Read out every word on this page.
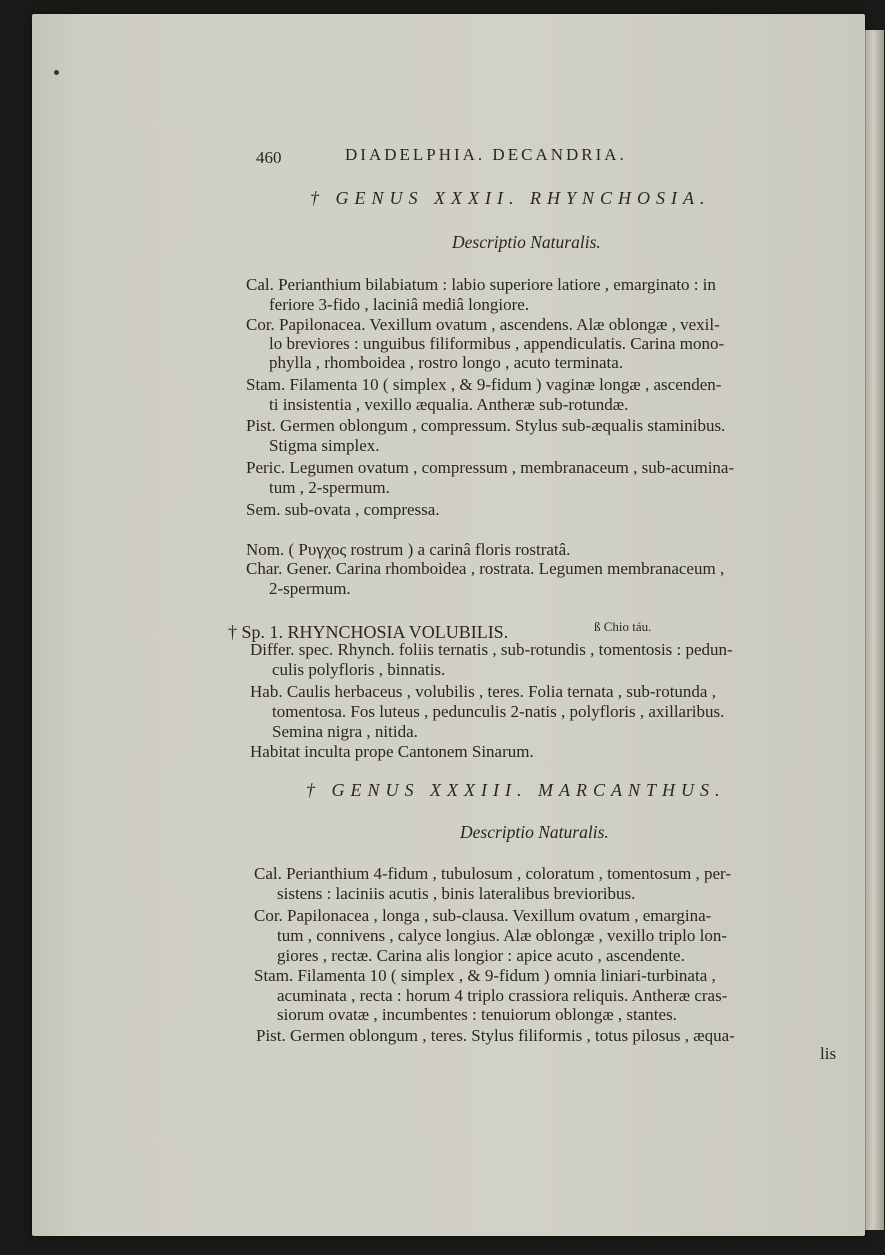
460	DIADELPHIA. DECANDRIA.
† GENUS XXXII. RHYNCHOSIA.
Descriptio Naturalis.
Cal. Perianthium bilabiatum : labio superiore latiore , emarginato : in
feriore 3-fido , laciniâ mediâ longiore.
Cor. Papilonacea. Vexillum ovatum , ascendens. Alæ oblongæ , vexil-
lo breviores : unguibus filiformibus , appendiculatis. Carina mono-
phylla , rhomboidea , rostro longo , acuto terminata.
Stam. Filamenta 10 ( simplex , & 9-fidum ) vaginæ longæ , ascenden-
ti insistentia , vexillo æqualia. Antheræ sub-rotundæ.
Pist. Germen oblongum , compressum. Stylus sub-æqualis staminibus.
Stigma simplex.
Peric. Legumen ovatum , compressum , membranaceum , sub-acumina-
tum , 2-spermum.
Sem. sub-ovata , compressa.
Nom. ( Ρυγχος rostrum ) a carinâ floris rostratâ.
Char. Gener. Carina rhomboidea , rostrata. Legumen membranaceum ,
2-spermum.
† Sp. 1. RHYNCHOSIA VOLUBILIS.	ß Chio táu.
Differ. spec. Rhynch. foliis ternatis , sub-rotundis , tomentosis : pedun-
culis polyfloris , binnatis.
Hab. Caulis herbaceus , volubilis , teres. Folia ternata , sub-rotunda ,
tomentosa. Fos luteus , pedunculis 2-natis , polyfloris , axillaribus.
Semina nigra , nitida.
Habitat inculta prope Cantonem Sinarum.
† GENUS XXXIII. MARCANTHUS.
Descriptio Naturalis.
Cal. Perianthium 4-fidum , tubulosum , coloratum , tomentosum , per-
sistens : laciniis acutis , binis lateralibus brevioribus.
Cor. Papilonacea , longa , sub-clausa. Vexillum ovatum , emargina-
tum , connivens , calyce longius. Alæ oblongæ , vexillo triplo lon-
giores , rectæ. Carina alis longior : apice acuto , ascendente.
Stam. Filamenta 10 ( simplex , & 9-fidum ) omnia liniari-turbinata ,
acuminata , recta : horum 4 triplo crassiora reliquis. Antheræ cras-
siorum ovatæ , incumbentes : tenuiorum oblongæ , stantes.
Pist. Germen oblongum , teres. Stylus filiformis , totus pilosus , æqua-
lis
